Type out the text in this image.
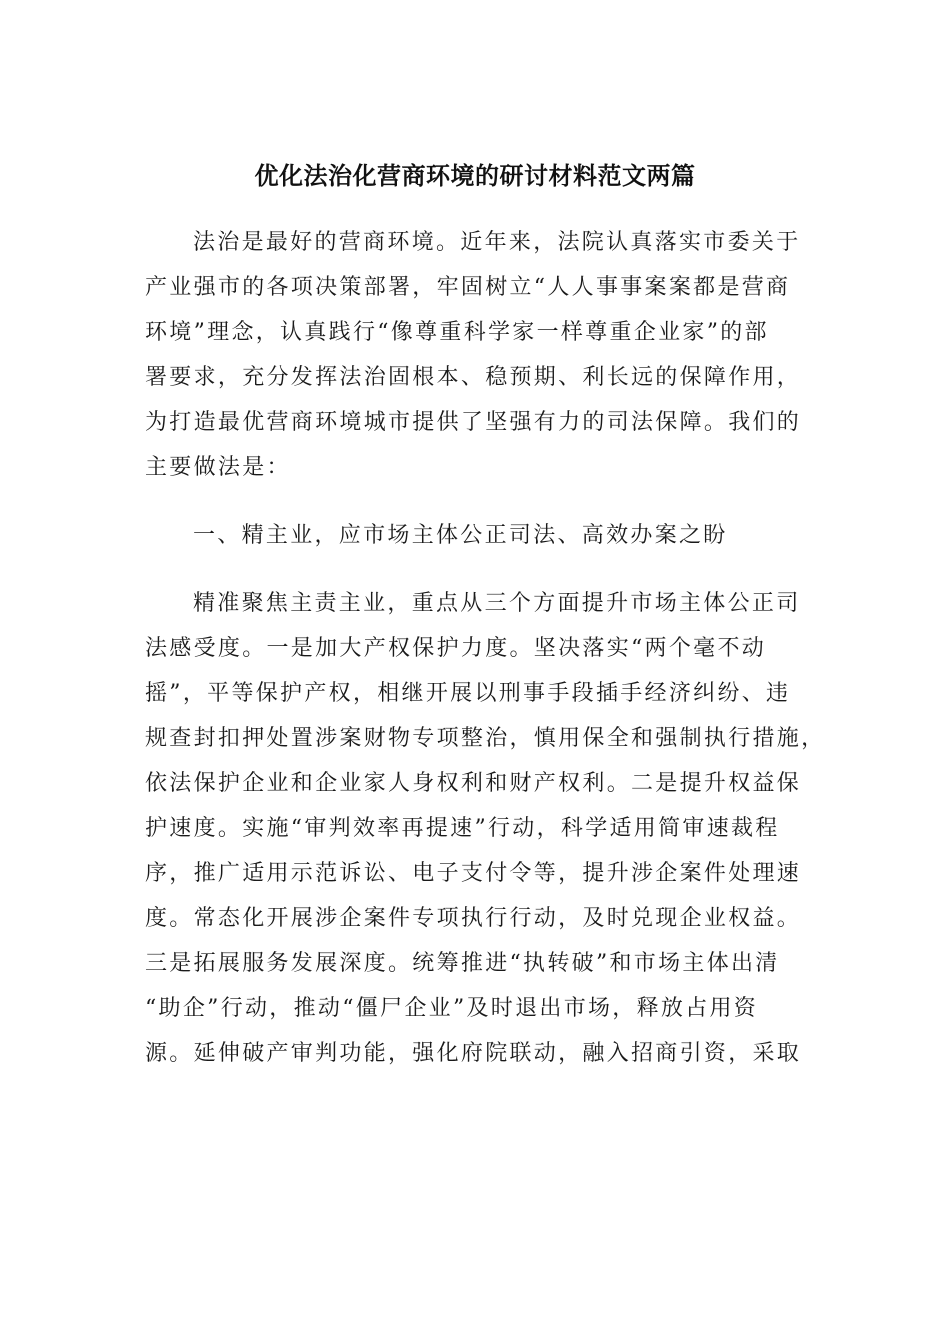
优化法治化营商环境的研讨材料范文两篇
法治是最好的营商环境。近年来，法院认真落实市委关于
产业强市的各项决策部署，牢固树立“人人事事案案都是营商
环境”理念，认真践行“像尊重科学家一样尊重企业家”的部
署要求，充分发挥法治固根本、稳预期、利长远的保障作用，
为打造最优营商环境城市提供了坚强有力的司法保障。我们的
主要做法是：
一、精主业，应市场主体公正司法、高效办案之盼
精准聚焦主责主业，重点从三个方面提升市场主体公正司
法感受度。一是加大产权保护力度。坚决落实“两个毫不动
摇”，平等保护产权，相继开展以刑事手段插手经济纠纷、违
规查封扣押处置涉案财物专项整治，慎用保全和强制执行措施，
依法保护企业和企业家人身权利和财产权利。二是提升权益保
护速度。实施“审判效率再提速”行动，科学适用简审速裁程
序，推广适用示范诉讼、电子支付令等，提升涉企案件处理速
度。常态化开展涉企案件专项执行行动，及时兑现企业权益。
三是拓展服务发展深度。统筹推进“执转破”和市场主体出清
“助企”行动，推动“僵尸企业”及时退出市场，释放占用资
源。延伸破产审判功能，强化府院联动，融入招商引资，采取
